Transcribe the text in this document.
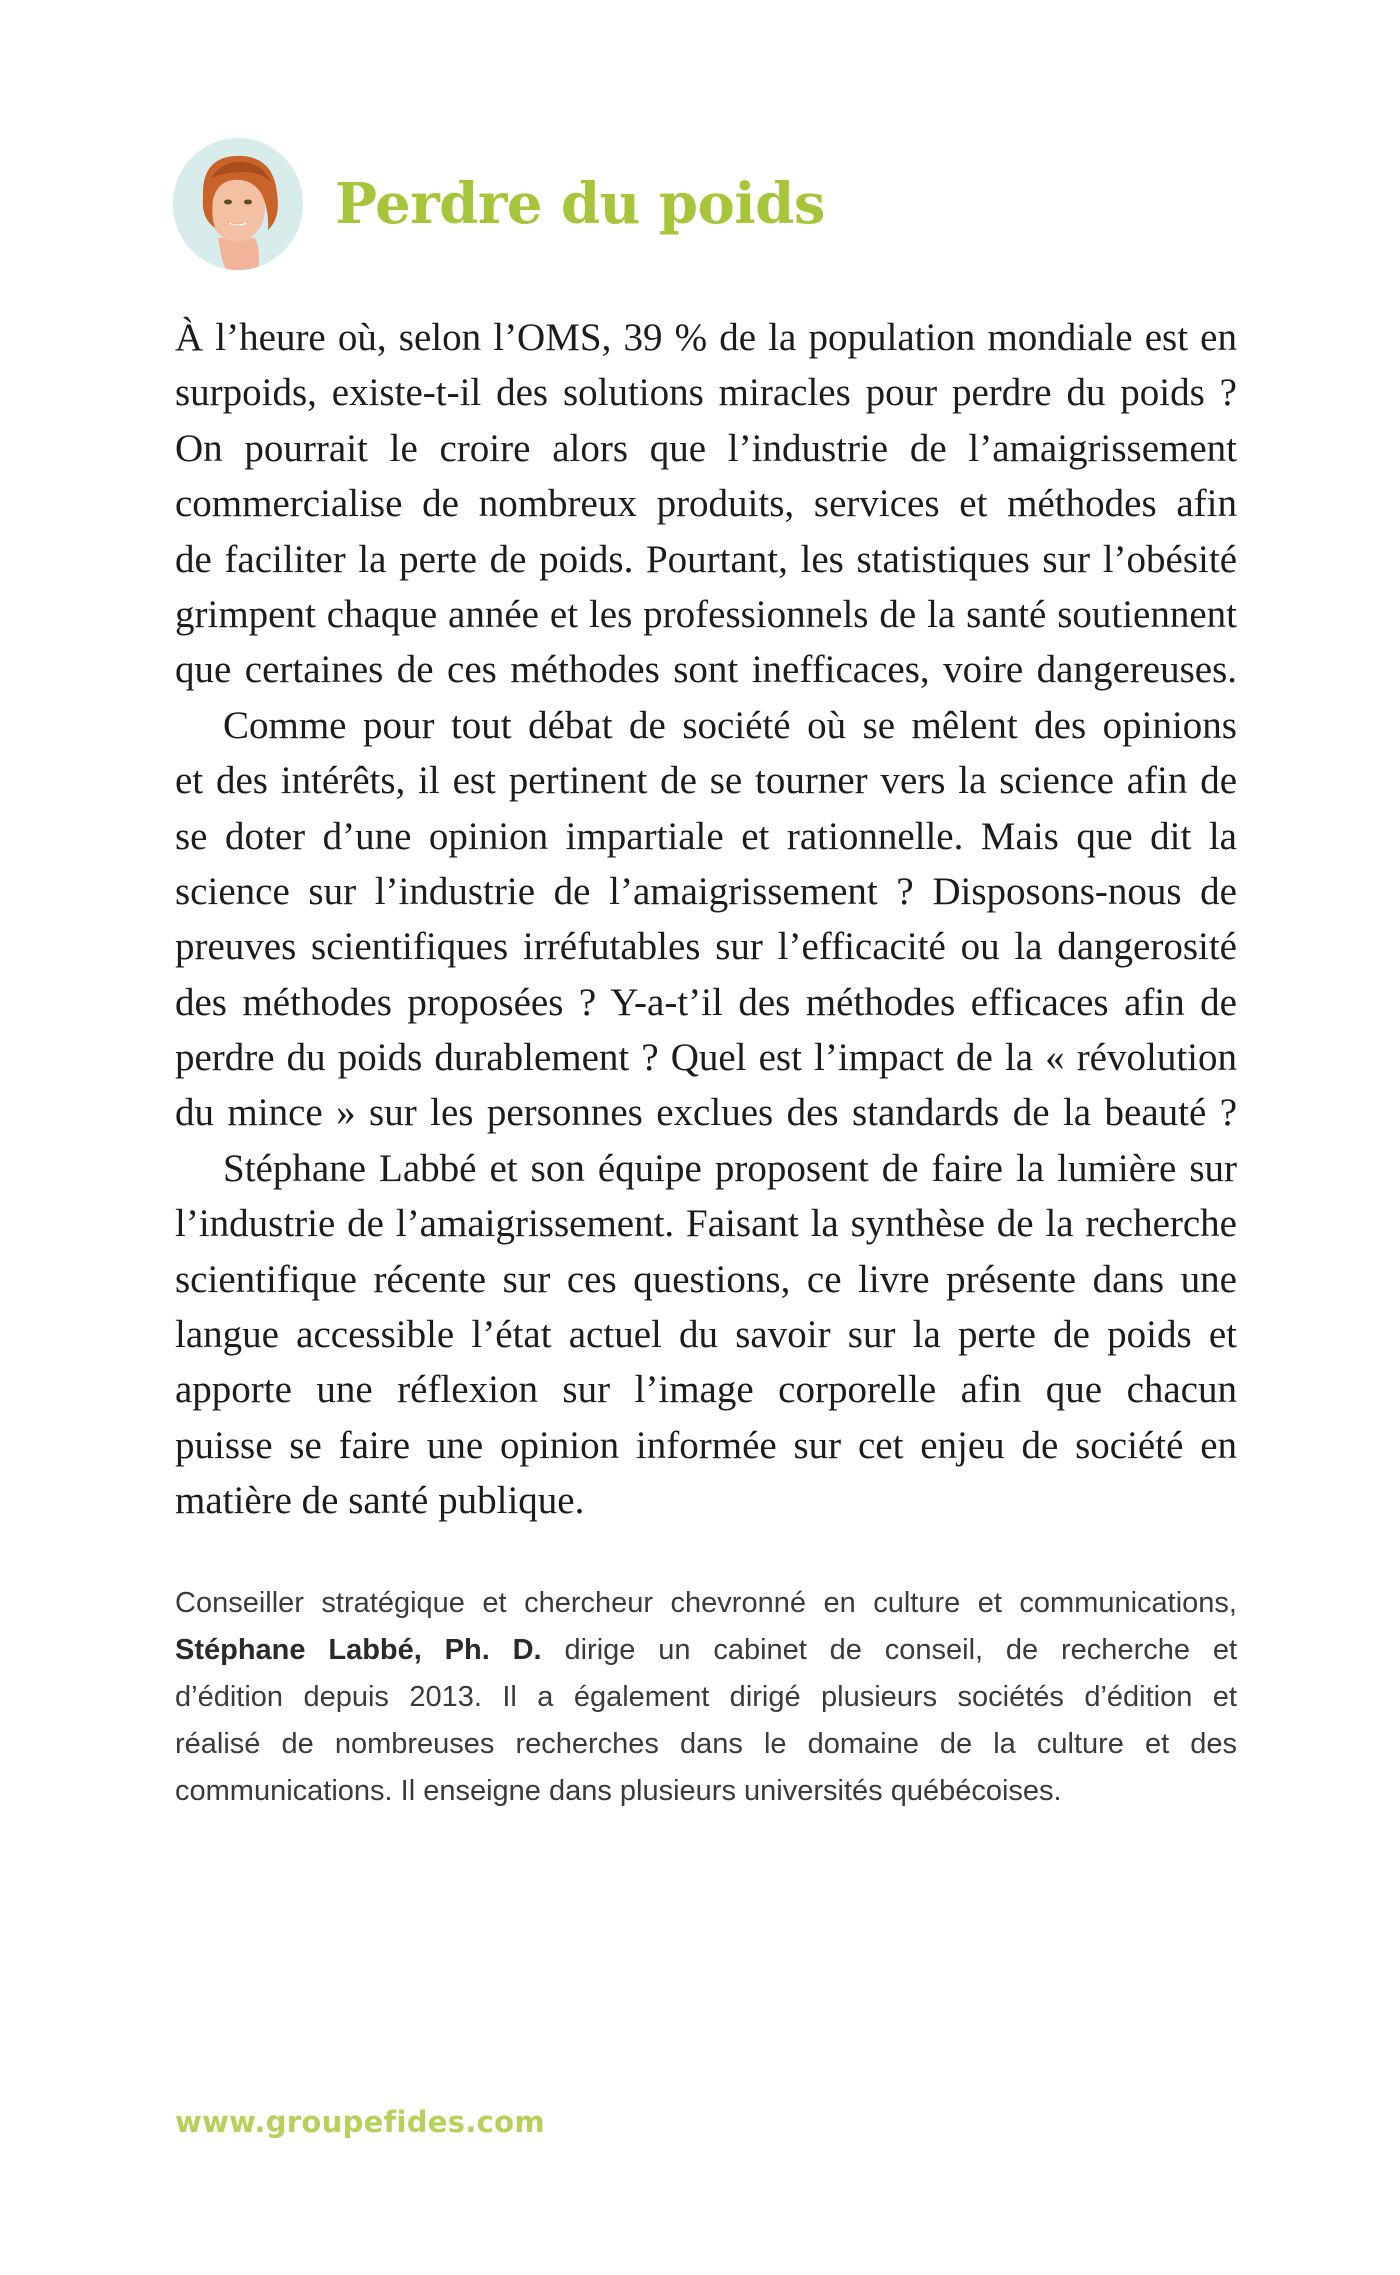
Perdre du poids
À l’heure où, selon l’OMS, 39 % de la population mondiale est en
surpoids, existe-t-il des solutions miracles pour perdre du poids ?
On pourrait le croire alors que l’industrie de l’amaigrissement
commercialise de nombreux produits, services et méthodes afin
de faciliter la perte de poids. Pourtant, les statistiques sur l’obésité
grimpent chaque année et les professionnels de la santé soutiennent
que certaines de ces méthodes sont inefficaces, voire dangereuses.
Comme pour tout débat de société où se mêlent des opinions
et des intérêts, il est pertinent de se tourner vers la science afin de
se doter d’une opinion impartiale et rationnelle. Mais que dit la
science sur l’industrie de l’amaigrissement ? Disposons-nous de
preuves scientifiques irréfutables sur l’efficacité ou la dangerosité
des méthodes proposées ? Y-a-t’il des méthodes efficaces afin de
perdre du poids durablement ? Quel est l’impact de la « révolution
du mince » sur les personnes exclues des standards de la beauté ?
Stéphane Labbé et son équipe proposent de faire la lumière sur
l’industrie de l’amaigrissement. Faisant la synthèse de la recherche
scientifique récente sur ces questions, ce livre présente dans une
langue accessible l’état actuel du savoir sur la perte de poids et
apporte une réflexion sur l’image corporelle afin que chacun
puisse se faire une opinion informée sur cet enjeu de société en
matière de santé publique.
Conseiller stratégique et chercheur chevronné en culture et communications,
Stéphane Labbé, Ph. D. dirige un cabinet de conseil, de recherche et
d’édition depuis 2013. Il a également dirigé plusieurs sociétés d’édition et
réalisé de nombreuses recherches dans le domaine de la culture et des
communications. Il enseigne dans plusieurs universités québécoises.
www.groupefides.com
